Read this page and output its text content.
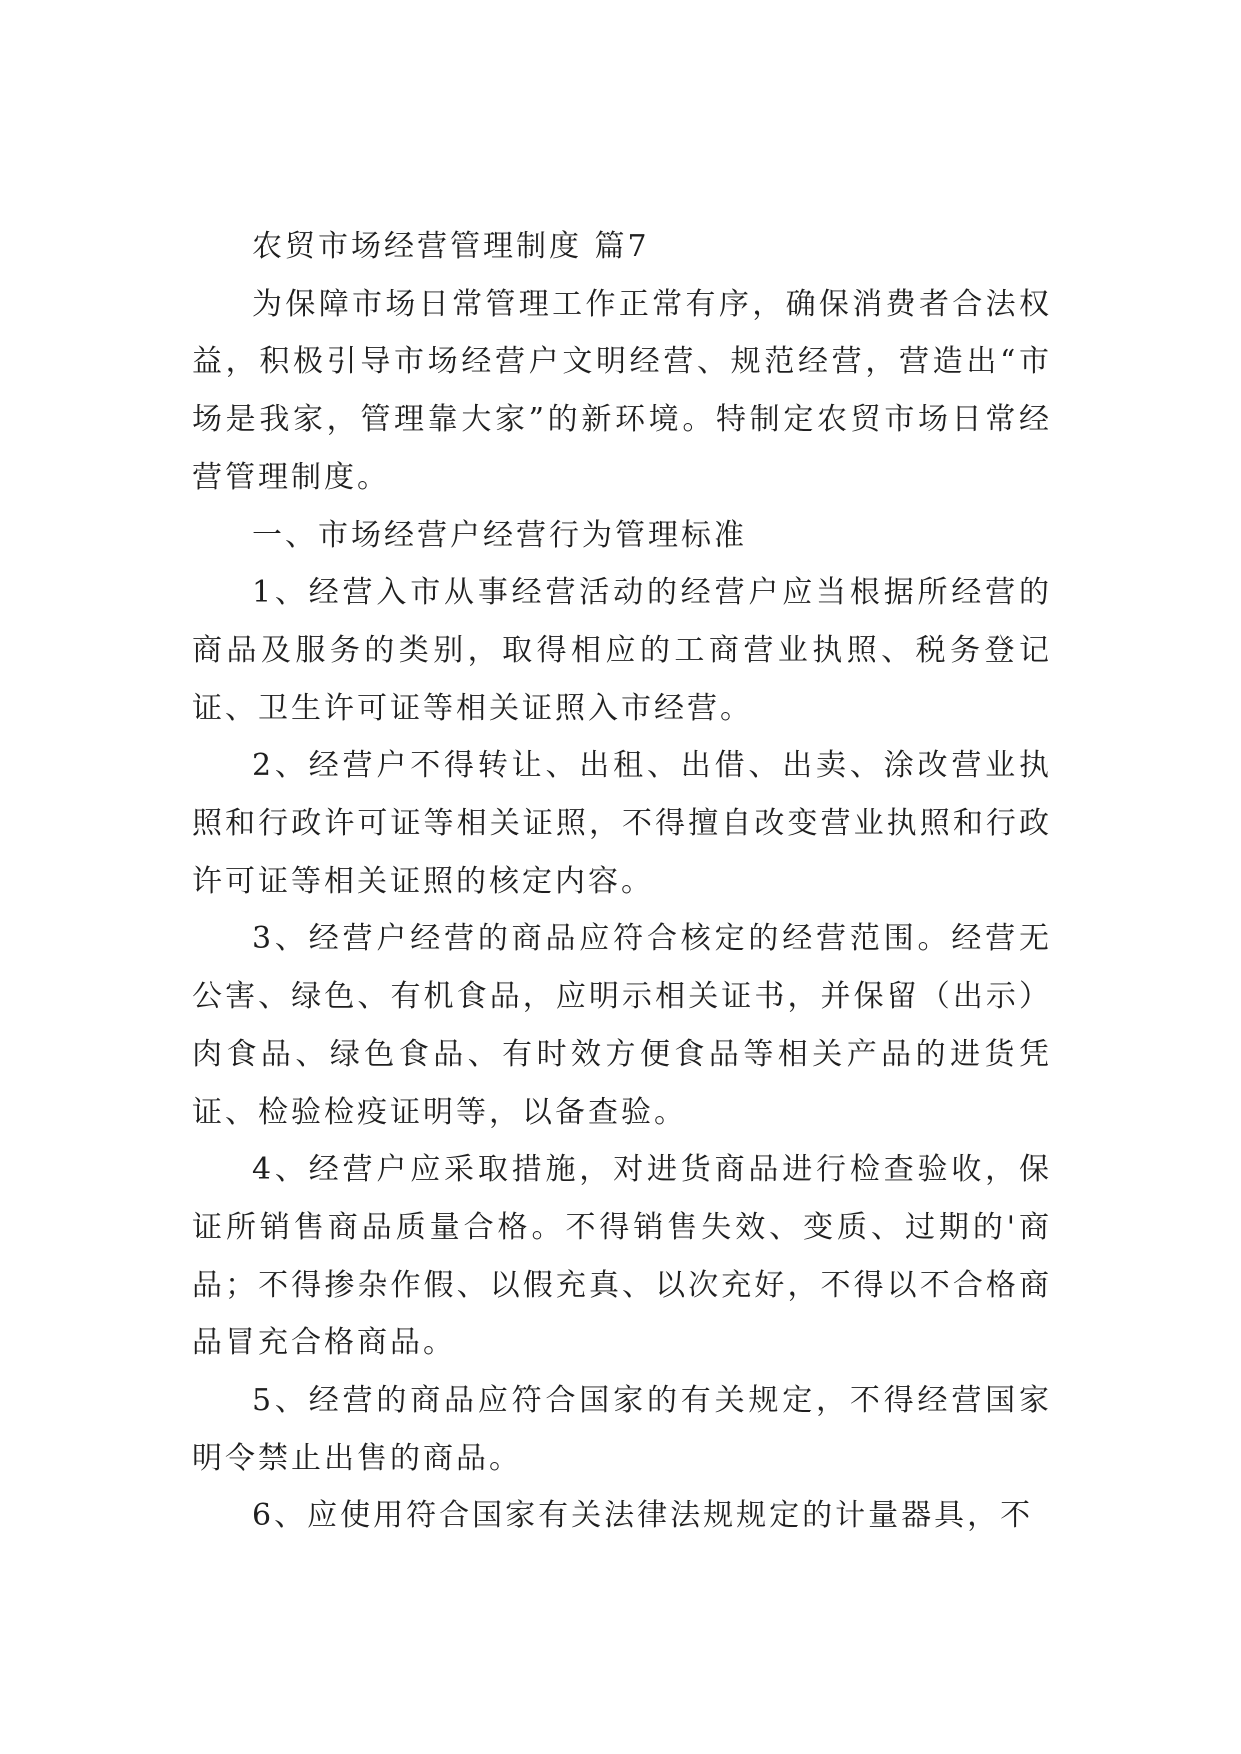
农贸市场经营管理制度 篇7

为保障市场日常管理工作正常有序，确保消费者合法权益，积极引导市场经营户文明经营、规范经营，营造出“市场是我家，管理靠大家”的新环境。特制定农贸市场日常经营管理制度。

一、市场经营户经营行为管理标准

1、经营入市从事经营活动的经营户应当根据所经营的商品及服务的类别，取得相应的工商营业执照、税务登记证、卫生许可证等相关证照入市经营。

2、经营户不得转让、出租、出借、出卖、涂改营业执照和行政许可证等相关证照，不得擅自改变营业执照和行政许可证等相关证照的核定内容。

3、经营户经营的商品应符合核定的经营范围。经营无公害、绿色、有机食品，应明示相关证书，并保留（出示）肉食品、绿色食品、有时效方便食品等相关产品的进货凭证、检验检疫证明等，以备查验。

4、经营户应采取措施，对进货商品进行检查验收，保证所销售商品质量合格。不得销售失效、变质、过期的'商品；不得掺杂作假、以假充真、以次充好，不得以不合格商品冒充合格商品。

5、经营的商品应符合国家的有关规定，不得经营国家明令禁止出售的商品。

6、应使用符合国家有关法律法规规定的计量器具，不
